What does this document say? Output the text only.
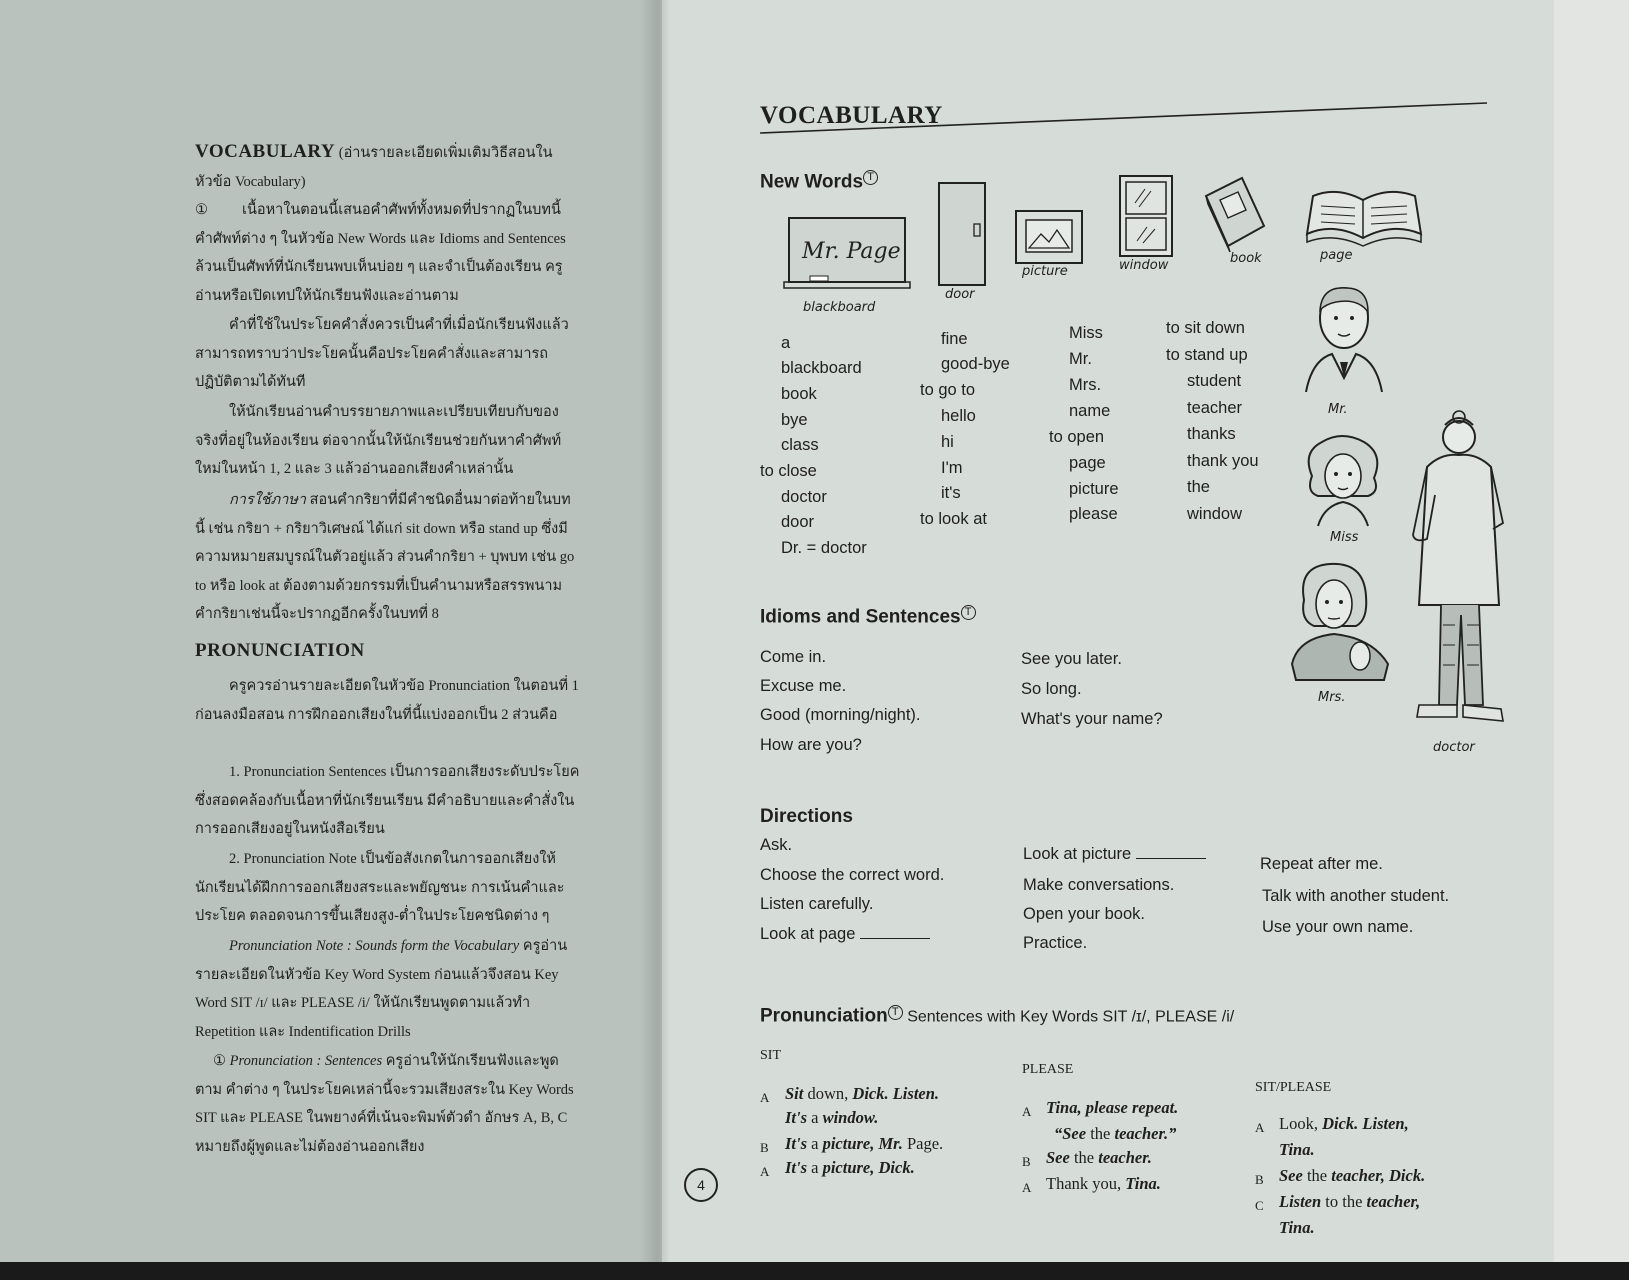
VOCABULARY (อ่านรายละเอียดเพิ่มเติมวิธีสอนในหัวข้อ Vocabulary)

① เนื้อหาในตอนนี้เสนอคำศัพท์ทั้งหมดที่ปรากฏในบทนี้ คำศัพท์ต่าง ๆ ในหัวข้อ New Words และ Idioms and Sentences ล้วนเป็นศัพท์ที่นักเรียนพบเห็นบ่อย ๆ และจำเป็นต้องเรียน ครูอ่านหรือเปิดเทปให้นักเรียนฟังและอ่านตาม

คำที่ใช้ในประโยคคำสั่งควรเป็นคำที่เมื่อนักเรียนฟังแล้วสามารถทราบว่าประโยคนั้นคือประโยคคำสั่งและสามารถปฏิบัติตามได้ทันที

ให้นักเรียนอ่านคำบรรยายภาพและเปรียบเทียบกับของจริงที่อยู่ในห้องเรียน ต่อจากนั้นให้นักเรียนช่วยกันหาคำศัพท์ใหม่ในหน้า 1, 2 และ 3 แล้วอ่านออกเสียงคำเหล่านั้น

การใช้ภาษา สอนคำกริยาที่มีคำชนิดอื่นมาต่อท้ายในบทนี้ เช่น กริยา + กริยาวิเศษณ์ ได้แก่ sit down หรือ stand up ซึ่งมีความหมายสมบูรณ์ในตัวอยู่แล้ว ส่วนคำกริยา + บุพบท เช่น go to หรือ look at ต้องตามด้วยกรรมที่เป็นคำนามหรือสรรพนาม คำกริยาเช่นนี้จะปรากฏอีกครั้งในบทที่ 8

PRONUNCIATION

ครูควรอ่านรายละเอียดในหัวข้อ Pronunciation ในตอนที่ 1 ก่อนลงมือสอน การฝึกออกเสียงในที่นี้แบ่งออกเป็น 2 ส่วนคือ

1. Pronunciation Sentences เป็นการออกเสียงระดับประโยคซึ่งสอดคล้องกับเนื้อหาที่นักเรียนเรียน มีคำอธิบายและคำสั่งในการออกเสียงอยู่ในหนังสือเรียน

2. Pronunciation Note เป็นข้อสังเกตในการออกเสียงให้นักเรียนได้ฝึกการออกเสียงสระและพยัญชนะ การเน้นคำและประโยค ตลอดจนการขึ้นเสียงสูง-ต่ำในประโยคชนิดต่าง ๆ

Pronunciation Note : Sounds form the Vocabulary ครูอ่านรายละเอียดในหัวข้อ Key Word System ก่อนแล้วจึงสอน Key Word SIT /ɪ/ และ PLEASE /i/ ให้นักเรียนพูดตามแล้วทำ Repetition และ Indentification Drills

① Pronunciation : Sentences ครูอ่านให้นักเรียนฟังและพูดตาม คำต่าง ๆ ในประโยคเหล่านี้จะรวมเสียงสระใน Key Words SIT และ PLEASE ในพยางค์ที่เน้นจะพิมพ์ตัวดำ อักษร A, B, C หมายถึงผู้พูดและไม่ต้องอ่านออกเสียง

VOCABULARY
New Words T
Mr. Page
blackboard
door
picture	window	book	page
Mr.
Miss
Mrs.
doctor
a
blackboard
book
bye
class
to close
doctor
door
Dr. = doctor
fine
good-bye
to go to
hello
hi
I'm
it's
to look at
Miss
Mr.
Mrs.
name
to open
page
picture
please
to sit down
to stand up
student
teacher
thanks
thank you
the
window
Idioms and Sentences T
Come in.
Excuse me.
Good (morning/night).
How are you?
See you later.
So long.
What's your name?
Directions
Ask.
Choose the correct word.
Listen carefully.
Look at page
Look at picture
Make conversations.
Open your book.
Practice.
Repeat after me.
Talk with another student.
Use your own name.
Pronunciation T Sentences with Key Words SIT /ɪ/, PLEASE /i/
SIT
A Sit down, Dick. Listen.
It's a window.
B It's a picture, Mr. Page.
A It's a picture, Dick.
PLEASE
A Tina, please repeat.
“See the teacher.”
B See the teacher.
A Thank you, Tina.
SIT/PLEASE
A Look, Dick. Listen,
Tina.
B See the teacher, Dick.
C Listen to the teacher,
Tina.
4
